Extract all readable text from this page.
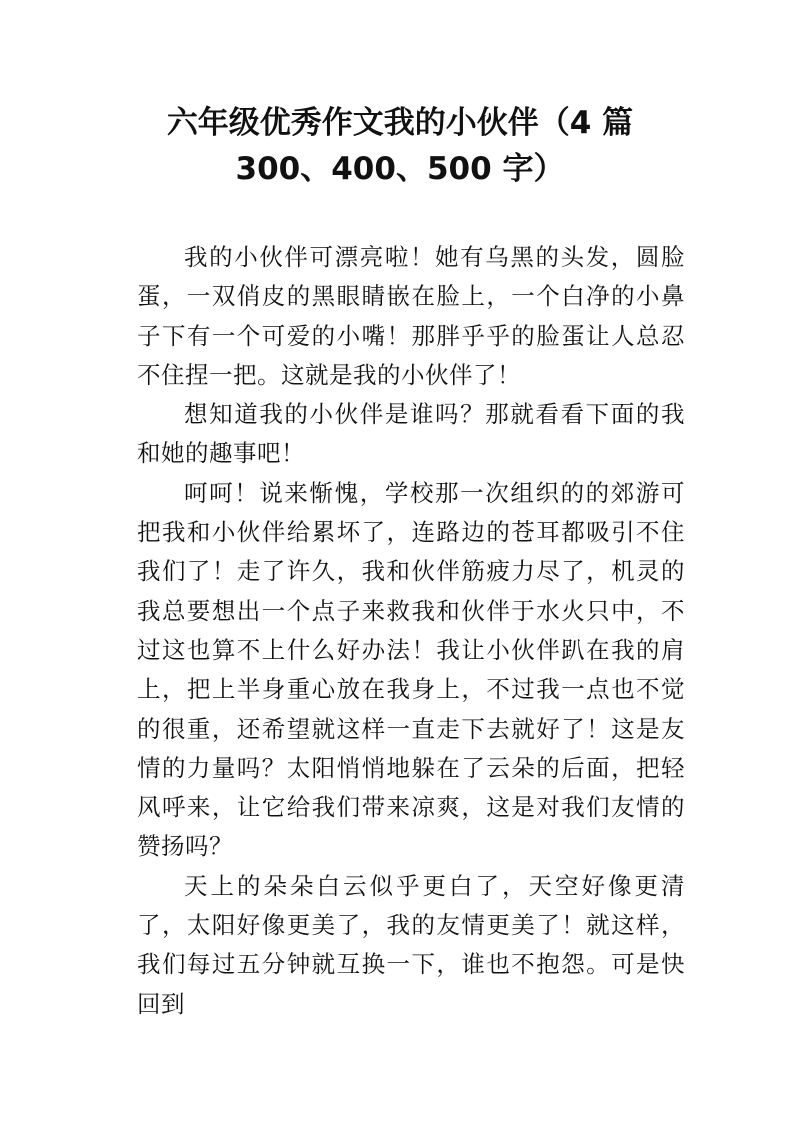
六年级优秀作文我的小伙伴（4 篇
300、400、500 字）

我的小伙伴可漂亮啦！她有乌黑的头发，圆脸蛋，一双俏皮的黑眼睛嵌在脸上，一个白净的小鼻子下有一个可爱的小嘴！那胖乎乎的脸蛋让人总忍不住捏一把。这就是我的小伙伴了！

想知道我的小伙伴是谁吗？那就看看下面的我和她的趣事吧！

呵呵！说来惭愧，学校那一次组织的的郊游可把我和小伙伴给累坏了，连路边的苍耳都吸引不住我们了！走了许久，我和伙伴筋疲力尽了，机灵的我总要想出一个点子来救我和伙伴于水火只中，不过这也算不上什么好办法！我让小伙伴趴在我的肩上，把上半身重心放在我身上，不过我一点也不觉的很重，还希望就这样一直走下去就好了！这是友情的力量吗？太阳悄悄地躲在了云朵的后面，把轻风呼来，让它给我们带来凉爽，这是对我们友情的赞扬吗？

天上的朵朵白云似乎更白了，天空好像更清了，太阳好像更美了，我的友情更美了！就这样，我们每过五分钟就互换一下，谁也不抱怨。可是快回到
